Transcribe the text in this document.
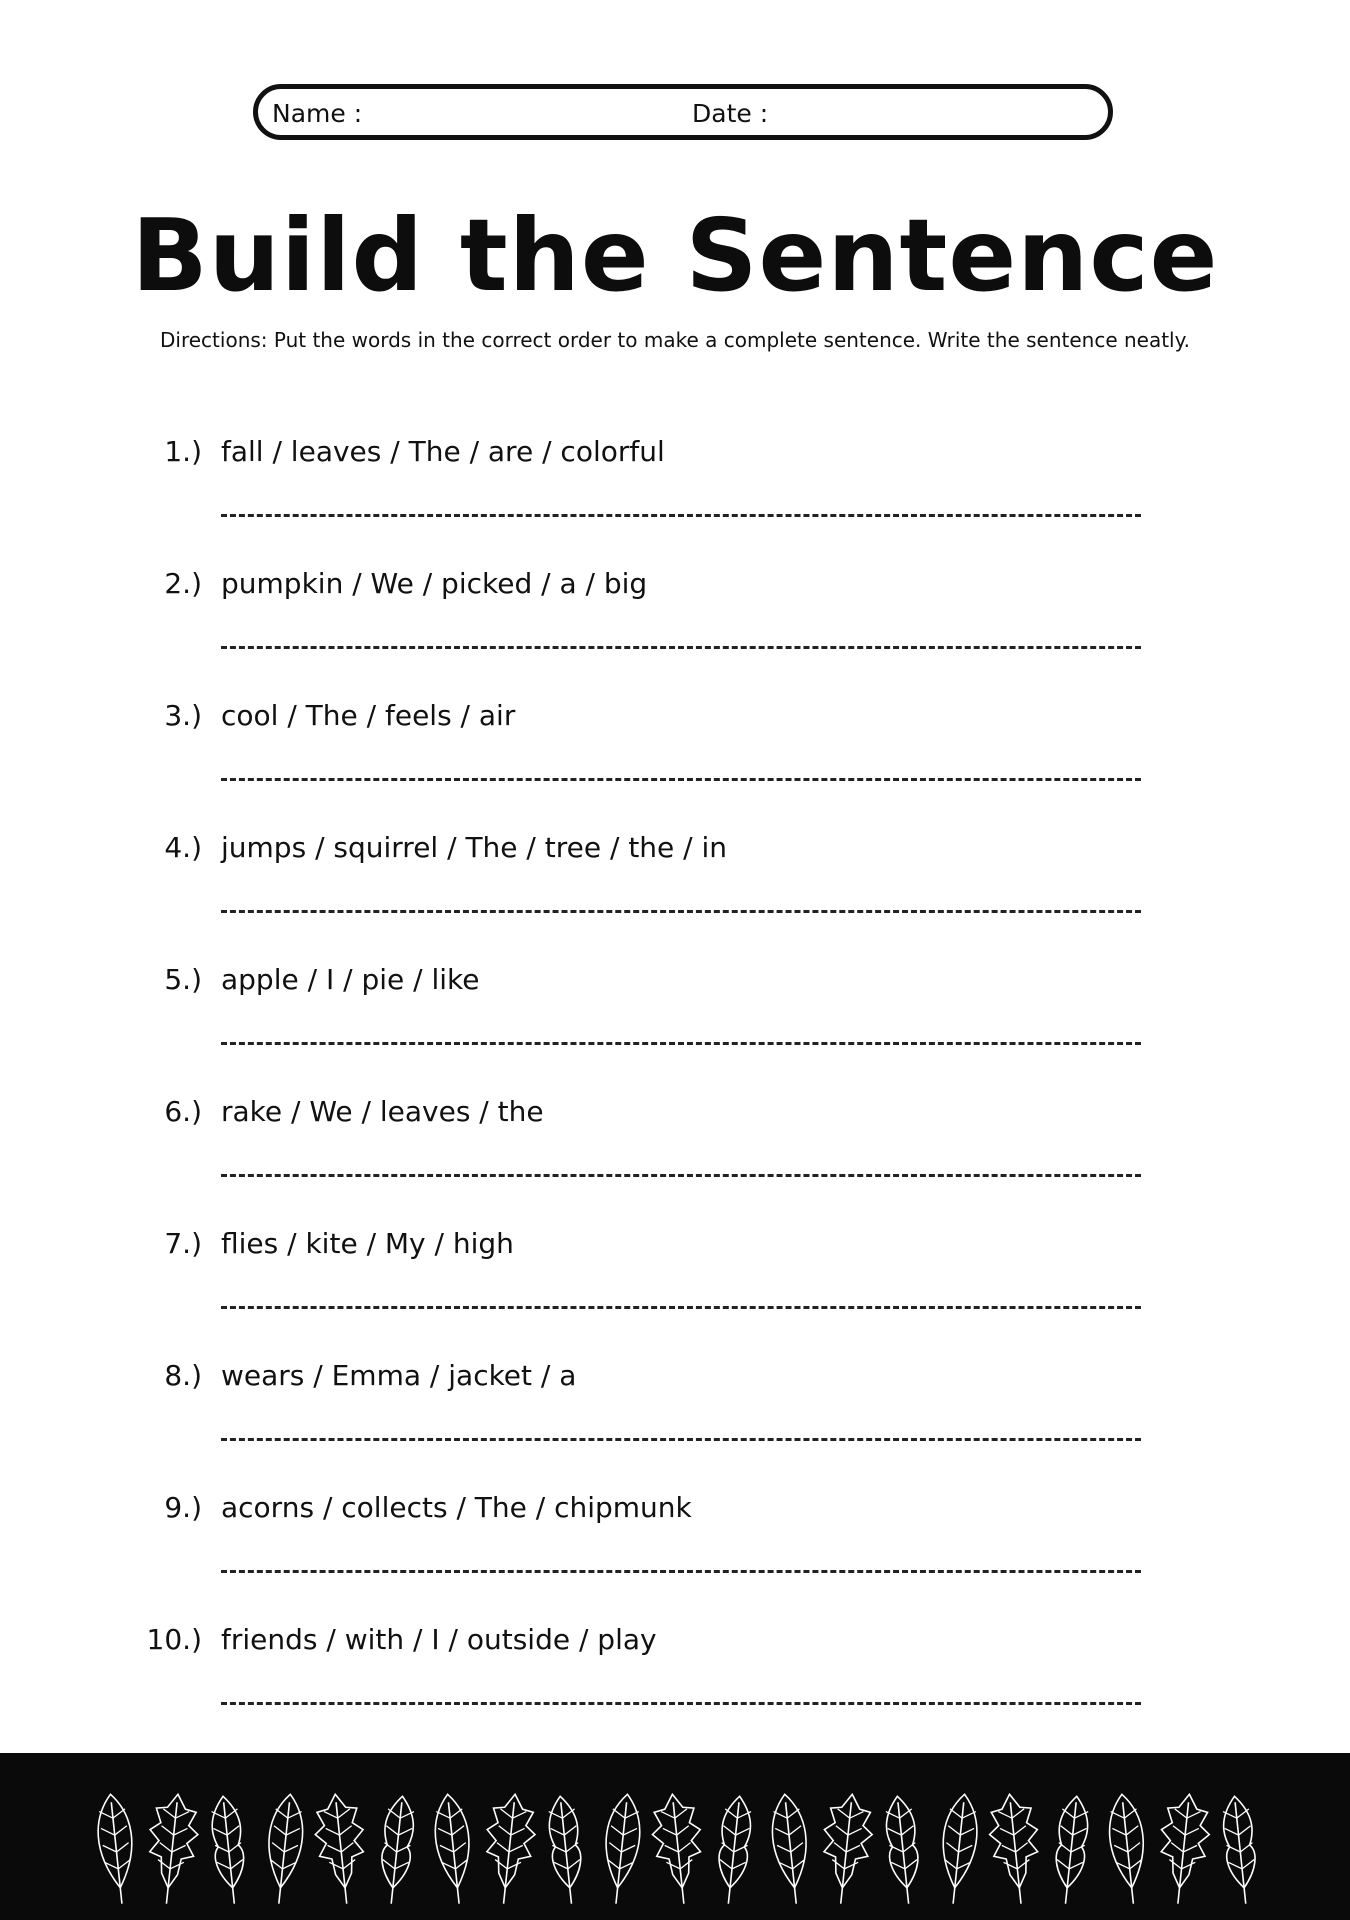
Name :	Date :
Build the Sentence
Directions: Put the words in the correct order to make a complete sentence. Write the sentence neatly.
1.) fall / leaves / The / are / colorful
2.) pumpkin / We / picked / a / big
3.) cool / The / feels / air
4.) jumps / squirrel / The / tree / the / in
5.) apple / I / pie / like
6.) rake / We / leaves / the
7.) flies / kite / My / high
8.) wears / Emma / jacket / a
9.) acorns / collects / The / chipmunk
10.) friends / with / I / outside / play
